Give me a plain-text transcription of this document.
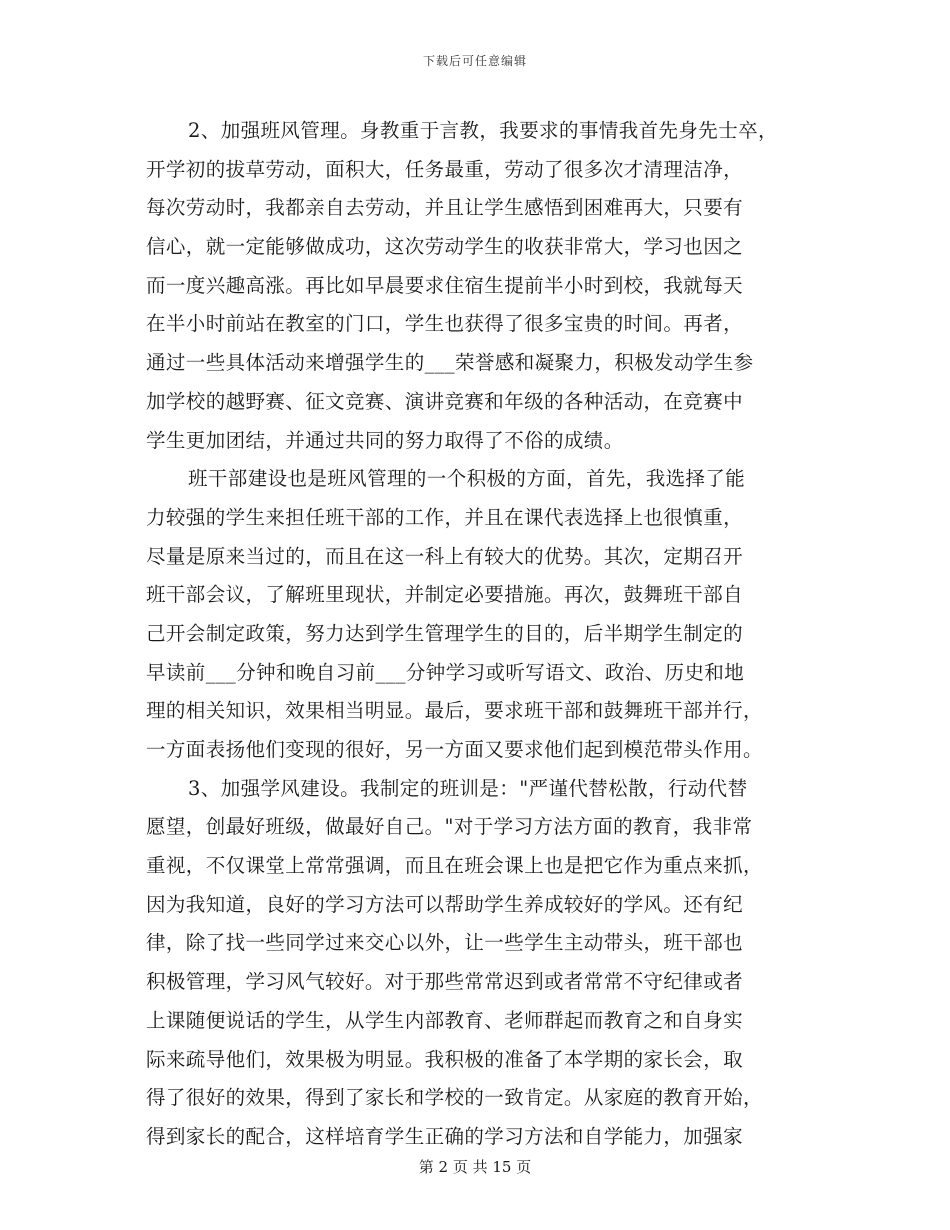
下载后可任意编辑
2、加强班风管理。身教重于言教，我要求的事情我首先身先士卒，
开学初的拔草劳动，面积大，任务最重，劳动了很多次才清理洁净，
每次劳动时，我都亲自去劳动，并且让学生感悟到困难再大，只要有
信心，就一定能够做成功，这次劳动学生的收获非常大，学习也因之
而一度兴趣高涨。再比如早晨要求住宿生提前半小时到校，我就每天
在半小时前站在教室的门口，学生也获得了很多宝贵的时间。再者，
通过一些具体活动来增强学生的___荣誉感和凝聚力，积极发动学生参
加学校的越野赛、征文竞赛、演讲竞赛和年级的各种活动，在竞赛中
学生更加团结，并通过共同的努力取得了不俗的成绩。
班干部建设也是班风管理的一个积极的方面，首先，我选择了能
力较强的学生来担任班干部的工作，并且在课代表选择上也很慎重，
尽量是原来当过的，而且在这一科上有较大的优势。其次，定期召开
班干部会议，了解班里现状，并制定必要措施。再次，鼓舞班干部自
己开会制定政策，努力达到学生管理学生的目的，后半期学生制定的
早读前___分钟和晚自习前___分钟学习或听写语文、政治、历史和地
理的相关知识，效果相当明显。最后，要求班干部和鼓舞班干部并行，
一方面表扬他们变现的很好，另一方面又要求他们起到模范带头作用。
3、加强学风建设。我制定的班训是："严谨代替松散，行动代替
愿望，创最好班级，做最好自己。"对于学习方法方面的教育，我非常
重视，不仅课堂上常常强调，而且在班会课上也是把它作为重点来抓，
因为我知道，良好的学习方法可以帮助学生养成较好的学风。还有纪
律，除了找一些同学过来交心以外，让一些学生主动带头，班干部也
积极管理，学习风气较好。对于那些常常迟到或者常常不守纪律或者
上课随便说话的学生，从学生内部教育、老师群起而教育之和自身实
际来疏导他们，效果极为明显。我积极的准备了本学期的家长会，取
得了很好的效果，得到了家长和学校的一致肯定。从家庭的教育开始，
得到家长的配合，这样培育学生正确的学习方法和自学能力，加强家
第 2 页 共 15 页
